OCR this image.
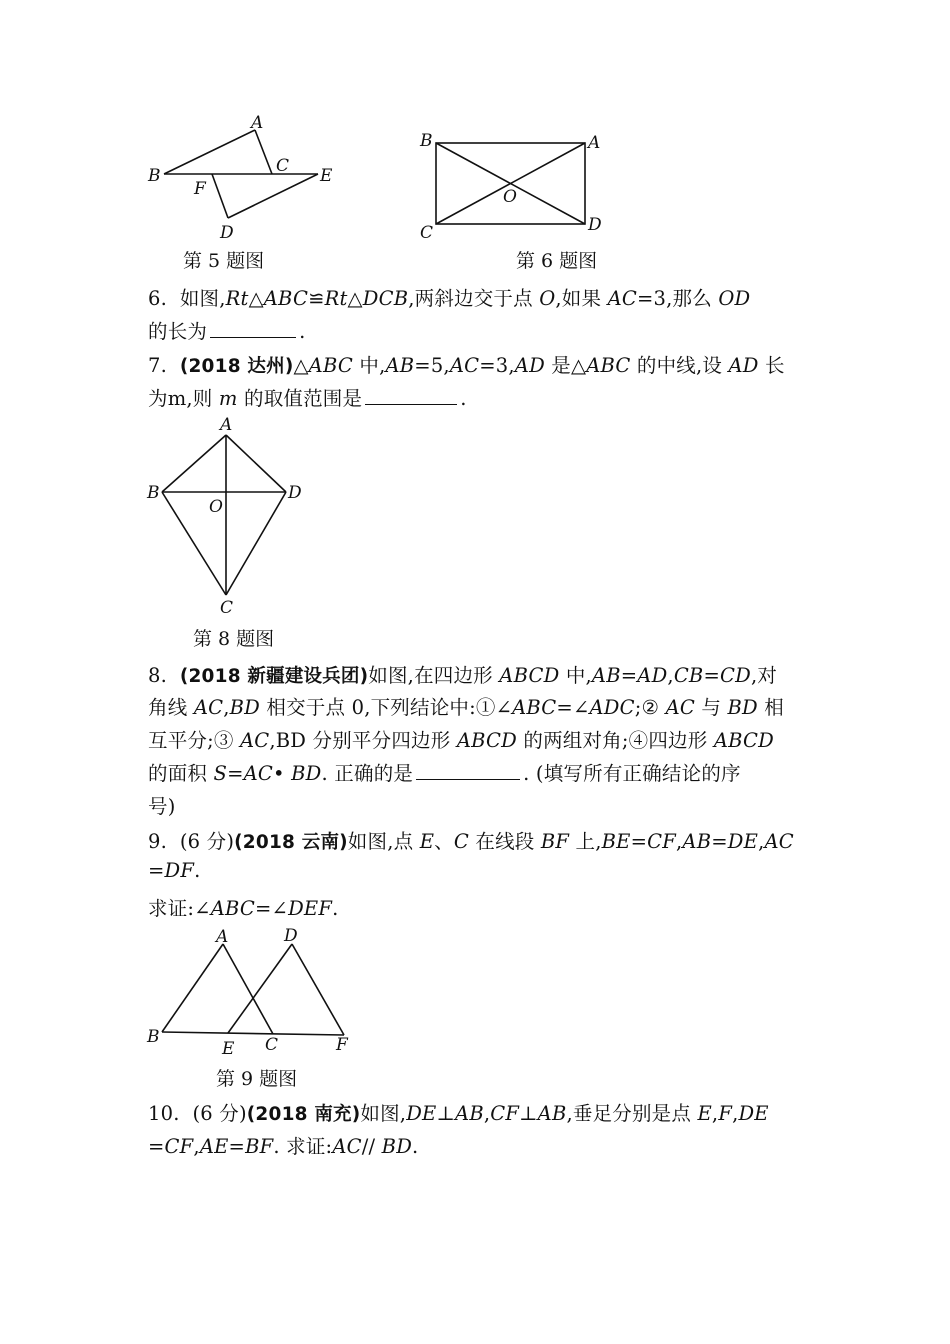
A
B	C E
F
D
第 5 题图
B	A
C	D
O
第 6 题图
6. 如图,Rt△ABC≌Rt△DCB,两斜边交于点 O,如果 AC=3,那么 OD
的长为	.
7. (2018 达州)△ABC 中,AB=5,AC=3,AD 是△ABC 的中线,设 AD 长
为m,则 m 的取值范围是	.
A
B	D
O
C
第 8 题图
8. (2018 新疆建设兵团)如图,在四边形 ABCD 中,AB=AD,CB=CD,对
角线 AC,BD 相交于点 0,下列结论中:①∠ABC=∠ADC;② AC 与 BD 相
互平分;③ AC,BD 分别平分四边形 ABCD 的两组对角;④四边形 ABCD
的面积 S=AC• BD. 正确的是	. (填写所有正确结论的序
号)
9. (6 分)(2018 云南)如图,点 E、C 在线段 BF 上,BE=CF,AB=DE,AC
=DF.
求证:∠ABC=∠DEF.
A	D
B
E C	F
第 9 题图
10. (6 分)(2018 南充)如图,DE⊥AB,CF⊥AB,垂足分别是点 E,F,DE
=CF,AE=BF. 求证:AC// BD.
